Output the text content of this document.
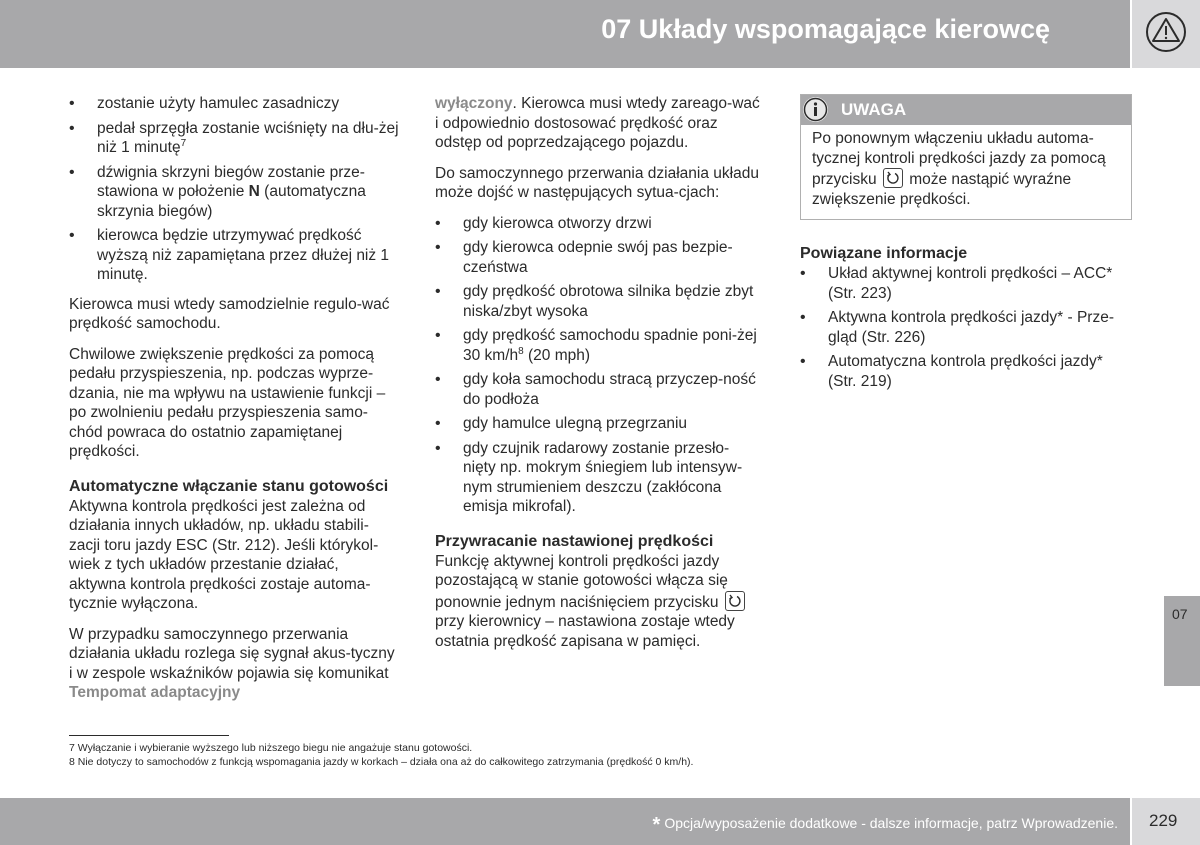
07 Układy wspomagające kierowcę
• zostanie użyty hamulec zasadniczy
• pedał sprzęgła zostanie wciśnięty na dłu-żej niż 1 minutę$^7$
• dźwignia skrzyni biegów zostanie prze-stawiona w położenie N (automatyczna skrzynia biegów)
• kierowca będzie utrzymywać prędkość wyższą niż zapamiętana przez dłużej niż 1 minutę.

Kierowca musi wtedy samodzielnie regulo-wać prędkość samochodu.

Chwilowe zwiększenie prędkości za pomocą pedału przyspieszenia, np. podczas wyprze-dzania, nie ma wpływu na ustawienie funkcji – po zwolnieniu pedału przyspieszenia samo-chód powraca do ostatnio zapamiętanej prędkości.

Automatyczne włączanie stanu gotowości

Aktywna kontrola prędkości jest zależna od działania innych układów, np. układu stabili-zacji toru jazdy ESC (Str. 212). Jeśli którykol-wiek z tych układów przestanie działać, aktywna kontrola prędkości zostaje automa-tycznie wyłączona.

W przypadku samoczynnego przerwania działania układu rozlega się sygnał akus-tyczny i w zespole wskaźników pojawia się komunikat Tempomat adaptacyjny

wyłączony. Kierowca musi wtedy zareago-wać i odpowiednio dostosować prędkość oraz odstęp od poprzedzającego pojazdu.

Do samoczynnego przerwania działania układu może dojść w następujących sytua-cjach:

• gdy kierowca otworzy drzwi
• gdy kierowca odepnie swój pas bezpie-czeństwa
• gdy prędkość obrotowa silnika będzie zbyt niska/zbyt wysoka
• gdy prędkość samochodu spadnie poni-żej 30 $km/h^8$ (20 mph)
• gdy koła samochodu stracą przyczep-ność do podłoża
• gdy hamulce ulegną przegrzaniu
• gdy czujnik radarowy zostanie przesło-nięty np. mokrym śniegiem lub intensyw-nym strumieniem deszczu (zakłócona emisja mikrofal).
Przywracanie nastawionej prędkości

Funkcję aktywnej kontroli prędkości jazdy pozostającą w stanie gotowości włącza się ponownie jednym naciśnięciem przycisku
przy kierownicy – nastawiona zostaje wtedy ostatnia prędkość zapisana w pamięci.

UWAGA
Po ponownym włączeniu układu automa-tycznej kontroli prędkości jazdy za pomocą przycisku
może nastąpić wyraźne zwiększenie prędkości.
Powiązane informacje
• Układ aktywnej kontroli prędkości – ACC* (Str. 223)
• Aktywna kontrola prędkości jazdy* - Prze-gląd (Str. 226)
• Automatyczna kontrola prędkości jazdy* (Str. 219)
07
7 Wyłączanie i wybieranie wyższego lub niższego biegu nie angażuje stanu gotowości.
8 Nie dotyczy to samochodów z funkcją wspomagania jazdy w korkach – działa ona aż do całkowitego zatrzymania (prędkość 0 km/h).
* Opcja/wyposażenie dodatkowe - dalsze informacje, patrz Wprowadzenie. 229
